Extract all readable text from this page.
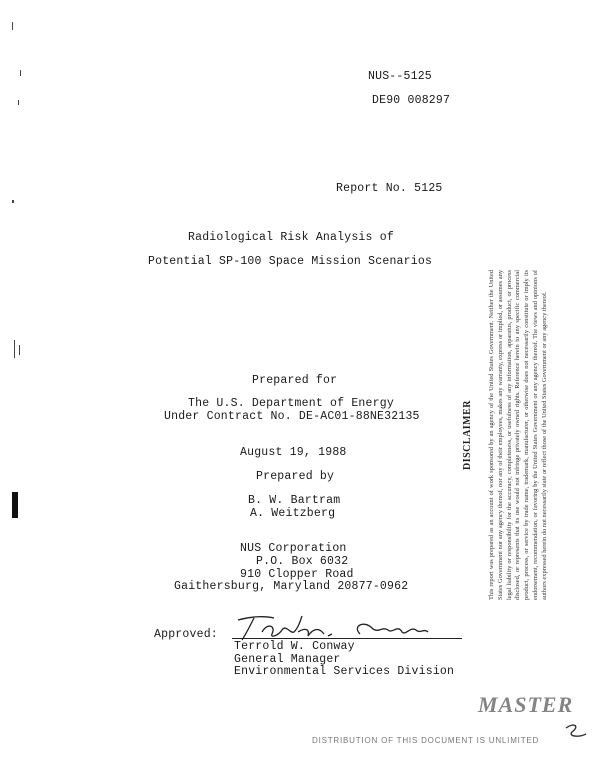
NUS--5125
DE90 008297
Report No. 5125
Radiological Risk Analysis of
Potential SP-100 Space Mission Scenarios
Prepared for
The U.S. Department of Energy
Under Contract No. DE-AC01-88NE32135
August 19, 1988
Prepared by
B. W. Bartram
A. Weitzberg
NUS Corporation
P.O. Box 6032
910 Clopper Road
Gaithersburg, Maryland 20877-0962
DISCLAIMER This report was prepared as an account of work sponsored by an agency of the United States Government. Neither the United States Government nor any agency thereof, nor any of their employees, makes any warranty, express or implied, or assumes any legal liability or responsibility for the accuracy, completeness, or usefulness of any information, apparatus, product, or process disclosed, or represents that its use would not infringe privately owned rights. Reference herein to any specific commercial product, process, or service by trade name, trademark, manufacturer, or otherwise does not necessarily constitute or imply its endorsement, recommendation, or favoring by the United States Government or any agency thereof. The views and opinions of authors expressed herein do not necessarily state or reflect those of the United States Government or any agency thereof.
Approved:
Terrold W. Conway
General Manager
Environmental Services Division
MASTER
DISTRIBUTION OF THIS DOCUMENT IS UNLIMITED
